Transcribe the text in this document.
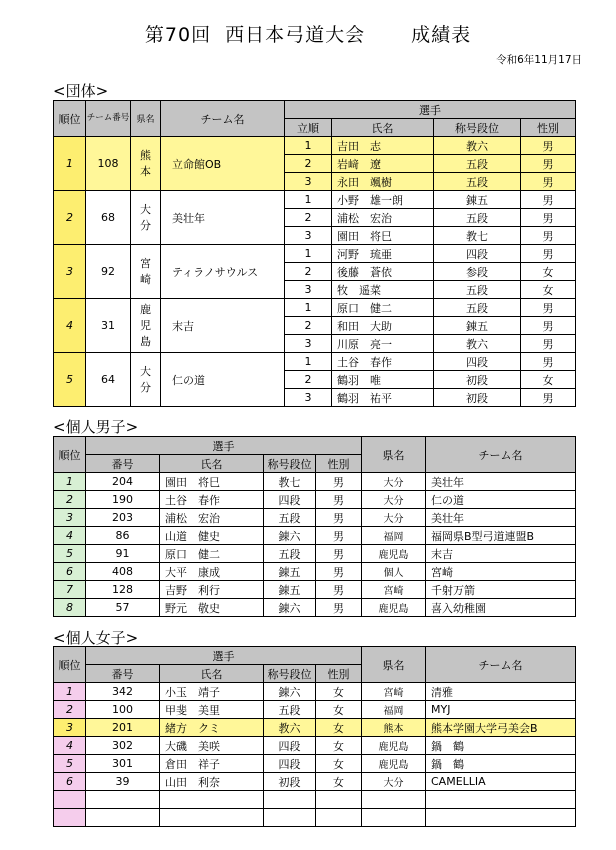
第70回 西日本弓道大会 成績表
令和6年11月17日
<団体>
順位	チーム番号	県名	チーム名	選手			
				立順	氏名	称号段位	性別
1	108	熊本	立命館OB	1	吉田　志	教六	男
				2	岩﨑　遼	五段	男
				3	永田　颯樹	五段	男
2	68	大分	美壮年	1	小野　雄一朗	錬五	男
				2	浦松　宏治	五段	男
				3	園田　将巳	教七	男
3	92	宮崎	ティラノサウルス	1	河野　琉亜	四段	男
				2	後藤　蒼依	参段	女
				3	牧　遥菜	五段	女
4	31	鹿児島	末吉	1	原口　健二	五段	男
				2	和田　大助	錬五	男
				3	川原　亮一	教六	男
5	64	大分	仁の道	1	土谷　春作	四段	男
				2	鶴羽　唯	初段	女
				3	鶴羽　祐平	初段	男
<個人男子>
順位	選手				県名	チーム名
	番号	氏名	称号段位	性別		
1	204	園田　将巳	教七	男	大分	美壮年
2	190	土谷　春作	四段	男	大分	仁の道
3	203	浦松　宏治	五段	男	大分	美壮年
4	86	山道　健史	錬六	男	福岡	福岡県B型弓道連盟B
5	91	原口　健二	五段	男	鹿児島	末吉
6	408	大平　康成	錬五	男	個人	宮崎
7	128	吉野　利行	錬五	男	宮崎	千射万箭
8	57	野元　敬史	錬六	男	鹿児島	喜入幼稚園
<個人女子>
順位	選手				県名	チーム名
	番号	氏名	称号段位	性別		
1	342	小玉　靖子	錬六	女	宮崎	清雅
2	100	甲斐　美里	五段	女	福岡	MYJ
3	201	緒方　クミ	教六	女	熊本	熊本学園大学弓美会B
4	302	大磯　美咲	四段	女	鹿児島	鍋　鶴
5	301	倉田　祥子	四段	女	鹿児島	鍋　鶴
6	39	山田　利奈	初段	女	大分	CAMELLIA
